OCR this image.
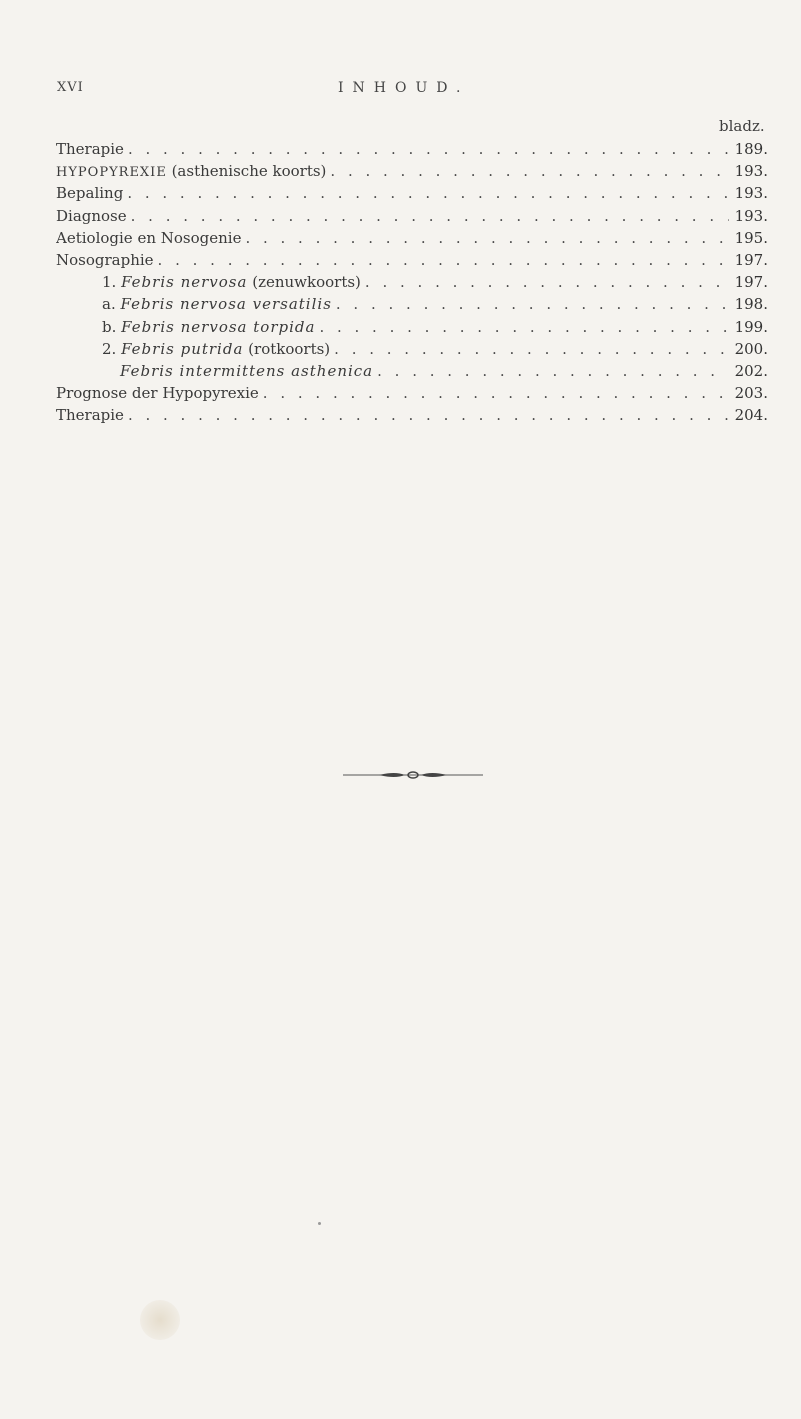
XVI	INHOUD.
bladz.
Therapie . . .	189.
HYPOPYREXIE (asthenische koorts) . . .	193.
Bepaling . . .	193.
Diagnose . . .	193.
Aetiologie en Nosogenie . . .	195.
Nosographie . . .	197.
1. Febris nervosa (zenuwkoorts) . . .	197.
a. Febris nervosa versatilis . . .	198.
b. Febris nervosa torpida . . .	199.
2. Febris putrida (rotkoorts) . . .	200.
Febris intermittens asthenica . . .	202.
Prognose der Hypopyrexie . . .	203.
Therapie . . .	204.
